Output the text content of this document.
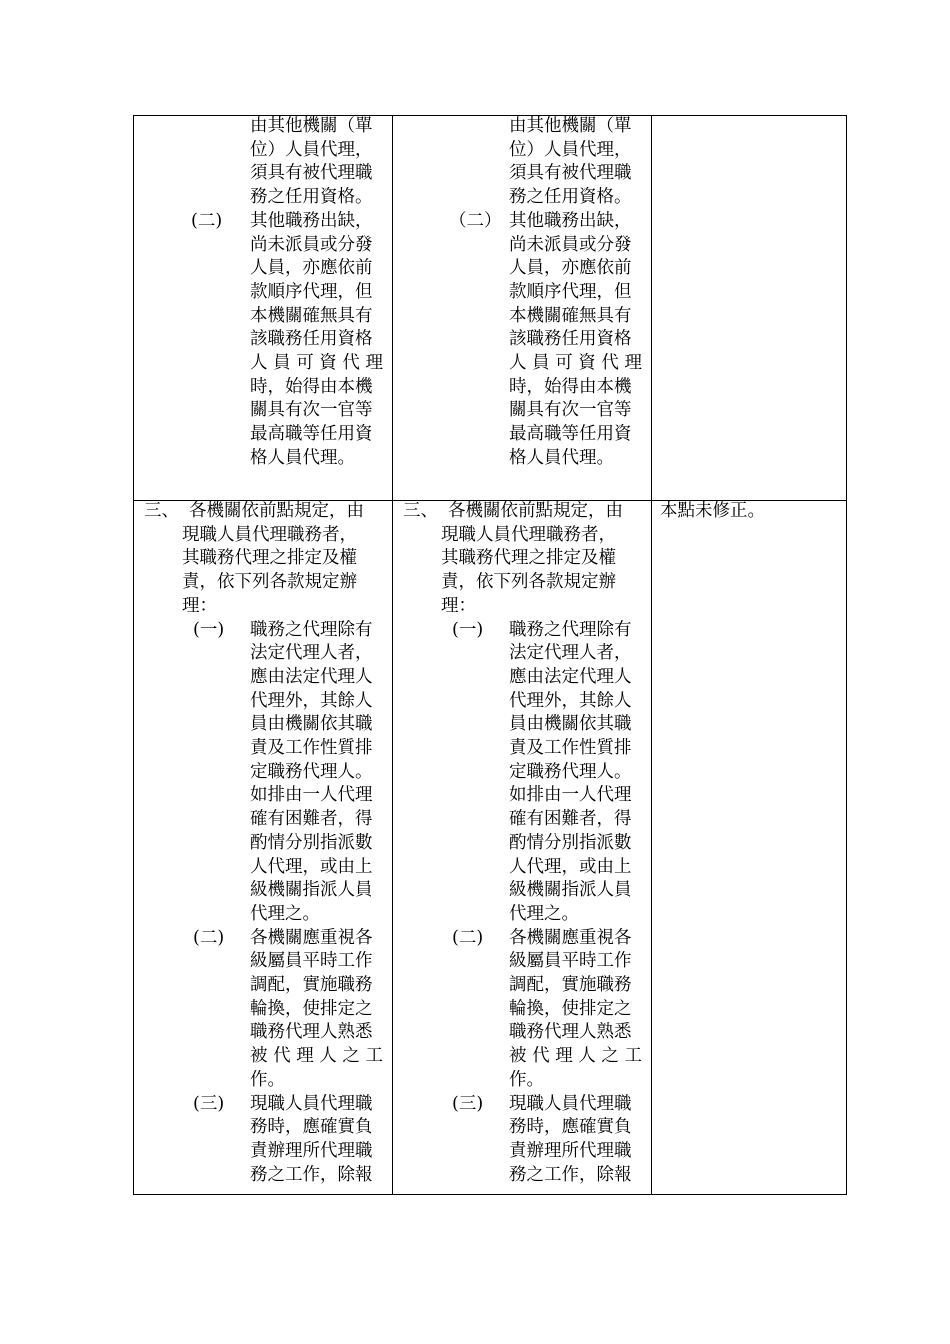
由其他機關（單
位）人員代理，
須具有被代理職
務之任用資格。
(二) 其他職務出缺，
尚未派員或分發
人員，亦應依前
款順序代理，但
本機關確無具有
該職務任用資格
人 員 可 資 代 理
時，始得由本機
關具有次一官等
最高職等任用資
格人員代理。
三、 各機關依前點規定，由
現職人員代理職務者，
其職務代理之排定及權
責，依下列各款規定辦
理：
(一) 職務之代理除有
法定代理人者，
應由法定代理人
代理外，其餘人
員由機關依其職
責及工作性質排
定職務代理人。
如排由一人代理
確有困難者，得
酌情分別指派數
人代理，或由上
級機關指派人員
代理之。
(二) 各機關應重視各
級屬員平時工作
調配，實施職務
輪換，使排定之
職務代理人熟悉
被 代 理 人 之 工
作。
(三) 現職人員代理職
務時，應確實負
責辦理所代理職
務之工作，除報
由其他機關（單
位）人員代理，
須具有被代理職
務之任用資格。
（二） 其他職務出缺，
尚未派員或分發
人員，亦應依前
款順序代理，但
本機關確無具有
該職務任用資格
人 員 可 資 代 理
時，始得由本機
關具有次一官等
最高職等任用資
格人員代理。
三、 各機關依前點規定，由
現職人員代理職務者，
其職務代理之排定及權
責，依下列各款規定辦
理：
(一) 職務之代理除有
法定代理人者，
應由法定代理人
代理外，其餘人
員由機關依其職
責及工作性質排
定職務代理人。
如排由一人代理
確有困難者，得
酌情分別指派數
人代理，或由上
級機關指派人員
代理之。
(二) 各機關應重視各
級屬員平時工作
調配，實施職務
輪換，使排定之
職務代理人熟悉
被 代 理 人 之 工
作。
(三) 現職人員代理職
務時，應確實負
責辦理所代理職
務之工作，除報
本點未修正。
